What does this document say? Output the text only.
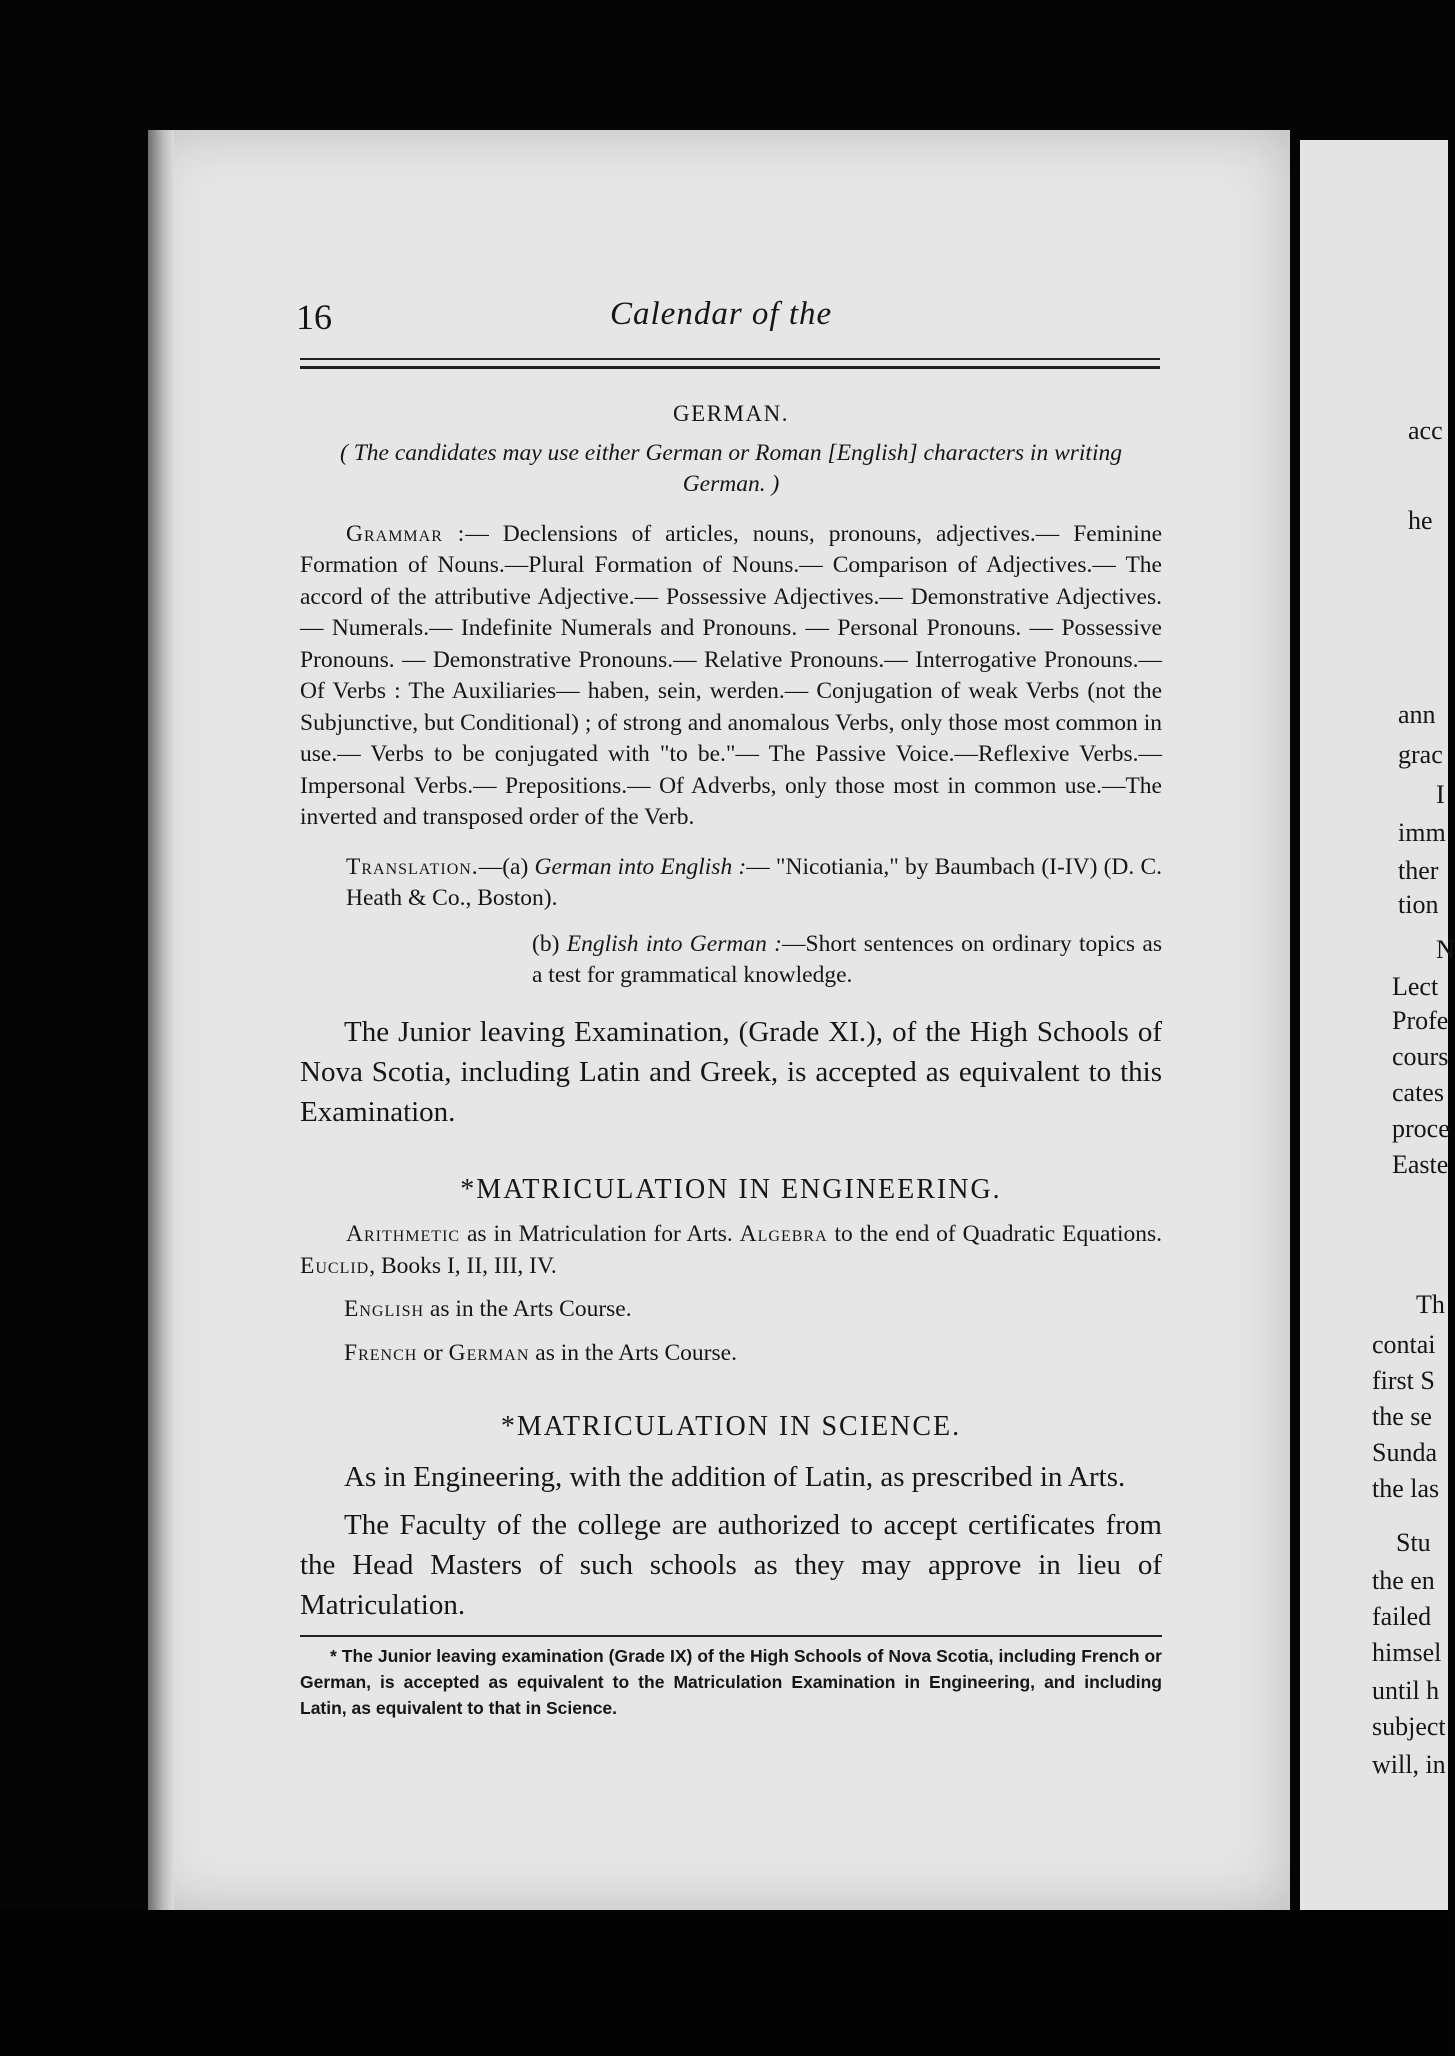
16	Calendar of the
GERMAN.
( The candidates may use either German or Roman [English] characters in writing German. )

Grammar :— Declensions of articles, nouns, pronouns, adjectives.— Feminine Formation of Nouns.—Plural Formation of Nouns.— Comparison of Adjectives.— The accord of the attributive Adjective.— Possessive Adjectives.— Demonstrative Adjectives.— Numerals.— Indefinite Numerals and Pronouns. — Personal Pronouns. — Possessive Pronouns. — Demonstrative Pronouns.— Relative Pronouns.— Interrogative Pronouns.— Of Verbs : The Auxiliaries— haben, sein, werden.— Conjugation of weak Verbs (not the Subjunctive, but Conditional) ; of strong and anomalous Verbs, only those most common in use.— Verbs to be conjugated with "to be."— The Passive Voice.—Reflexive Verbs.— Impersonal Verbs.— Prepositions.— Of Adverbs, only those most in common use.—The inverted and transposed order of the Verb.

Translation.—(a) German into English :— "Nicotiania," by Baumbach (I-IV) (D. C. Heath & Co., Boston).
(b) English into German :—Short sentences on ordinary topics as a test for grammatical knowledge.

The Junior leaving Examination, (Grade XI.), of the High Schools of Nova Scotia, including Latin and Greek, is accepted as equivalent to this Examination.

*MATRICULATION IN ENGINEERING.

Arithmetic as in Matriculation for Arts. Algebra to the end of Quadratic Equations. Euclid, Books I, II, III, IV.

English as in the Arts Course.
French or German as in the Arts Course.
*MATRICULATION IN SCIENCE.

As in Engineering, with the addition of Latin, as prescribed in Arts.

The Faculty of the college are authorized to accept certificates from the Head Masters of such schools as they may approve in lieu of Matriculation.

* The Junior leaving examination (Grade IX) of the High Schools of Nova Scotia, including French or German, is accepted as equivalent to the Matriculation Examination in Engineering, and including Latin, as equivalent to that in Science.
acc
he
ann
grac
I
imm
ther
tion
N
Lect
Profe
cours
cates
proce
Easte
Th
contai
first S
the se
Sunda
the las
Stu
the en
failed
himsel
until h
subject
will, in
